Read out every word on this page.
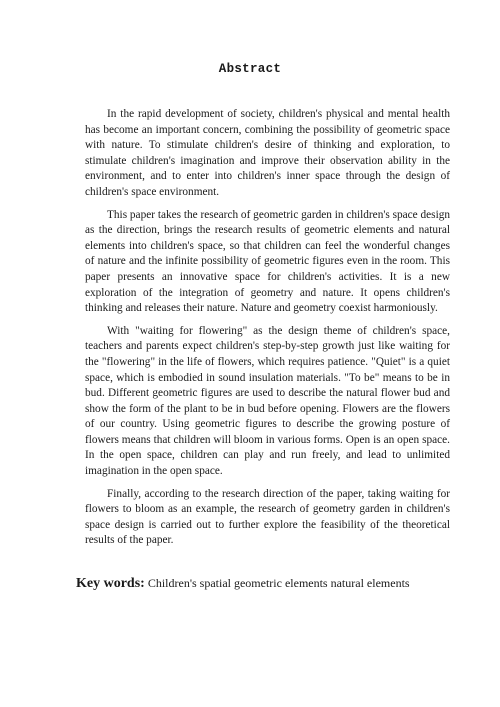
Abstract

In the rapid development of society, children's physical and mental health has become an important concern, combining the possibility of geometric space with nature. To stimulate children's desire of thinking and exploration, to stimulate children's imagination and improve their observation ability in the environment, and to enter into children's inner space through the design of children's space environment.

This paper takes the research of geometric garden in children's space design as the direction, brings the research results of geometric elements and natural elements into children's space, so that children can feel the wonderful changes of nature and the infinite possibility of geometric figures even in the room. This paper presents an innovative space for children's activities. It is a new exploration of the integration of geometry and nature. It opens children's thinking and releases their nature. Nature and geometry coexist harmoniously.

With "waiting for flowering" as the design theme of children's space, teachers and parents expect children's step-by-step growth just like waiting for the "flowering" in the life of flowers, which requires patience. "Quiet" is a quiet space, which is embodied in sound insulation materials. "To be" means to be in bud. Different geometric figures are used to describe the natural flower bud and show the form of the plant to be in bud before opening. Flowers are the flowers of our country. Using geometric figures to describe the growing posture of flowers means that children will bloom in various forms. Open is an open space. In the open space, children can play and run freely, and lead to unlimited imagination in the open space.

Finally, according to the research direction of the paper, taking waiting for flowers to bloom as an example, the research of geometry garden in children's space design is carried out to further explore the feasibility of the theoretical results of the paper.

Key words: Children's spatial geometric elements natural elements
